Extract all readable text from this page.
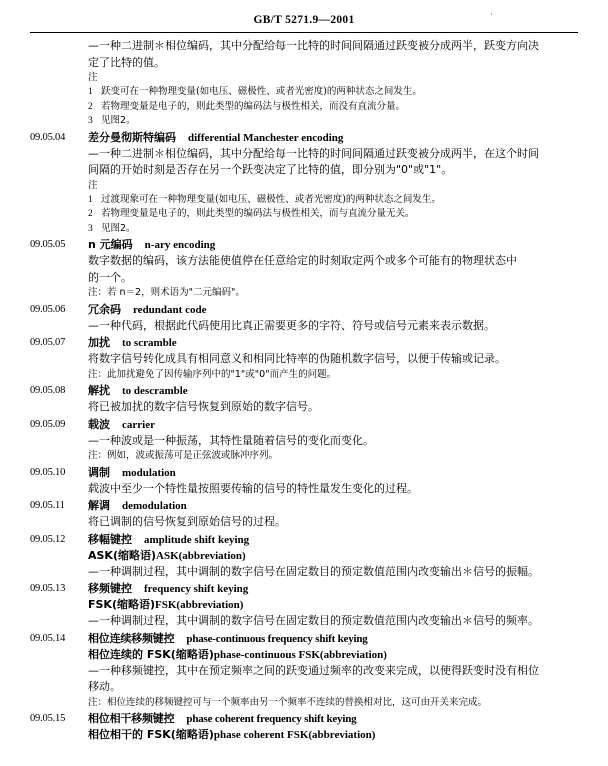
·
GB/T 5271.9—2001
—一种二进制＊相位编码，其中分配给每一比特的时间间隔通过跃变被分成两半，跃变方向决
定了比特的值。
注
1 跃变可在一种物理变量(如电压、磁极性、或者光密度)的两种状态之间发生。
2 若物理变量是电子的，则此类型的编码法与极性相关，而没有直流分量。
3 见图2。
09.05.04	差分曼彻斯特编码 differential Manchester encoding
—一种二进制＊相位编码，其中分配给每一比特的时间间隔通过跃变被分成两半，在这个时间
间隔的开始时刻是否存在另一个跃变决定了比特的值，即分别为"0"或"1"。
注
1 过渡现象可在一种物理变量(如电压、磁极性、或者光密度)的两种状态之间发生。
2 若物理变量是电子的，则此类型的编码法与极性相关，而与直流分量无关。
3 见图2。
09.05.05	n 元编码 n-ary encoding
数字数据的编码，该方法能使值停在任意给定的时刻取定两个或多个可能有的物理状态中
的一个。
注：若 n＝2，则术语为"二元编码"。
09.05.06	冗余码 redundant code
—一种代码，根据此代码使用比真正需要更多的字符、符号或信号元素来表示数据。
09.05.07	加扰 to scramble
将数字信号转化成具有相同意义和相同比特率的伪随机数字信号，以便于传输或记录。
注：此加扰避免了因传输序列中的"1"或"0"而产生的问题。
09.05.08	解扰 to descramble
将已被加扰的数字信号恢复到原始的数字信号。
09.05.09	载波 carrier
—一种波或是一种振荡，其特性量随着信号的变化而变化。
注：例如，波或振荡可是正弦波或脉冲序列。
09.05.10	调制 modulation
载波中至少一个特性量按照要传输的信号的特性量发生变化的过程。
09.05.11	解调 demodulation
将已调制的信号恢复到原始信号的过程。
09.05.12	移幅键控 amplitude shift keying
ASK(缩略语)ASK(abbreviation)
—一种调制过程，其中调制的数字信号在固定数目的预定数值范围内改变输出＊信号的振幅。
09.05.13	移频键控 frequency shift keying
FSK(缩略语)FSK(abbreviation)
—一种调制过程，其中调制的数字信号在固定数目的预定数值范围内改变输出＊信号的频率。
09.05.14	相位连续移频键控 phase-continuous frequency shift keying
相位连续的 FSK(缩略语)phase-continuous FSK(abbreviation)
—一种移频键控，其中在预定频率之间的跃变通过频率的改变来完成，以使得跃变时没有相位
移动。
注：相位连续的移频键控可与一个频率由另一个频率不连续的替换相对比，这可由开关来完成。
09.05.15	相位相干移频键控 phase coherent frequency shift keying
相位相干的 FSK(缩略语)phase coherent FSK(abbreviation)
